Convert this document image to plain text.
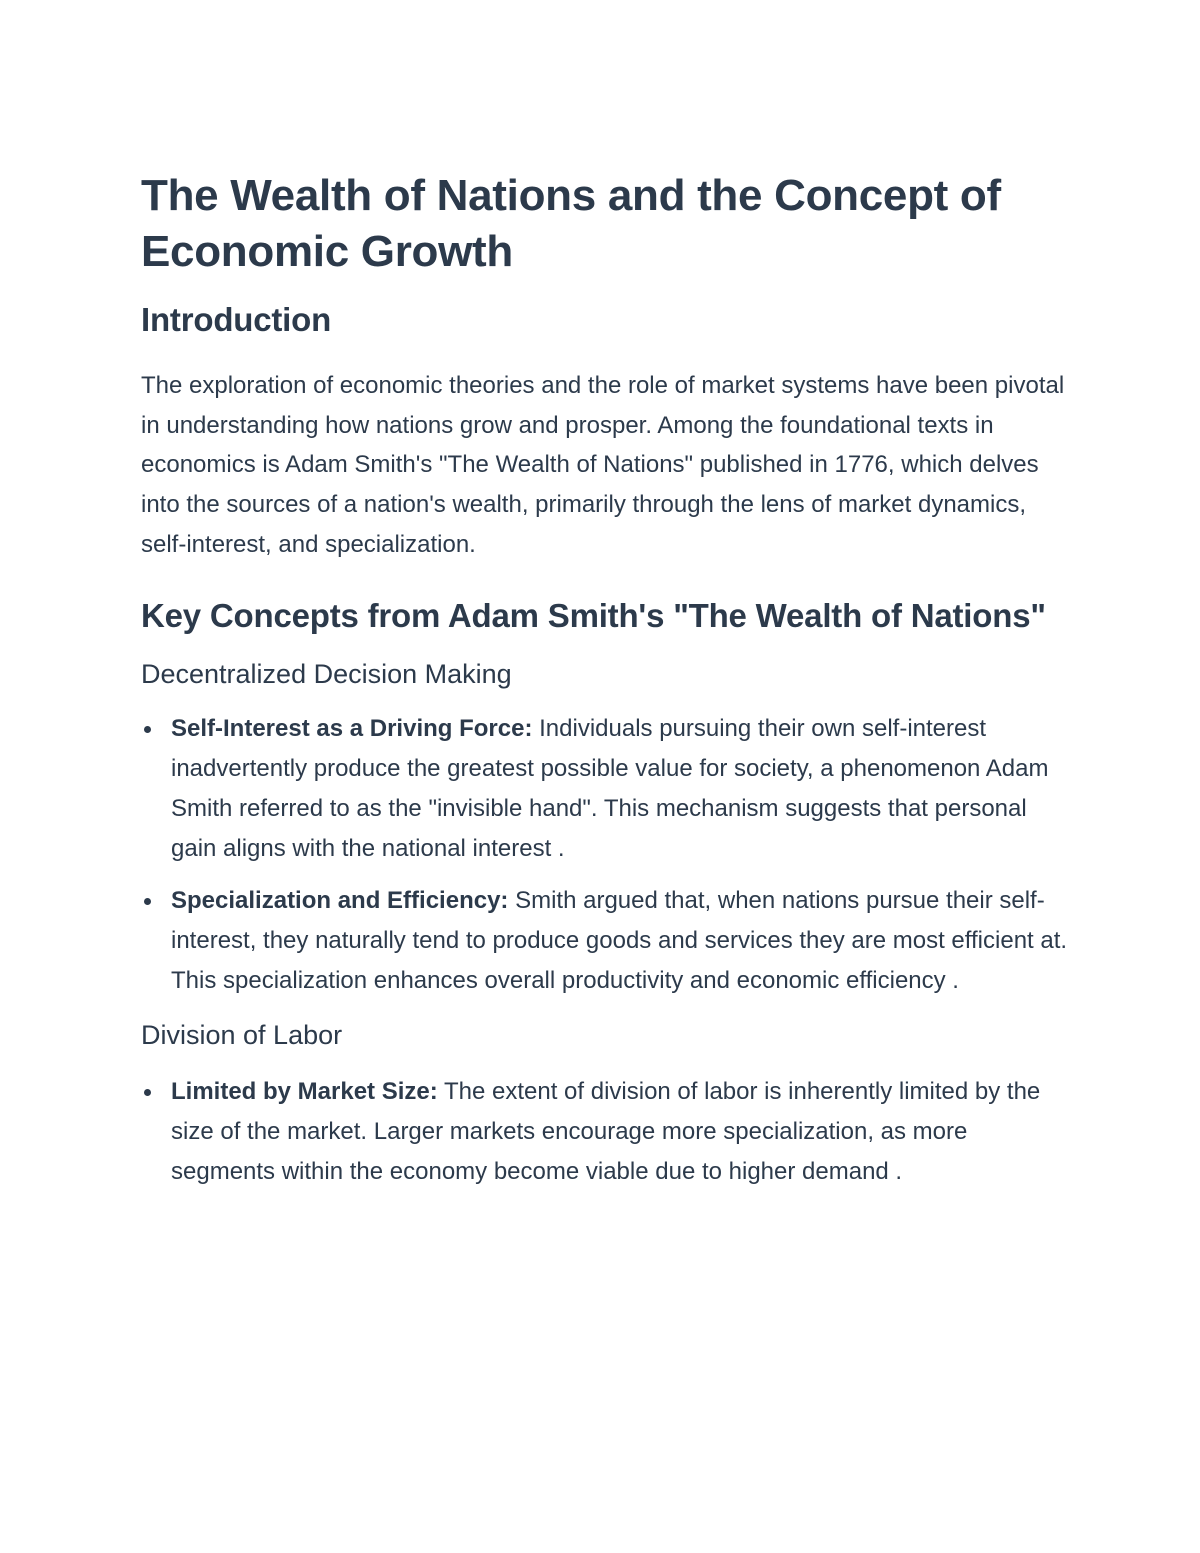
The Wealth of Nations and the Concept of Economic Growth
Introduction

The exploration of economic theories and the role of market systems have been pivotal in understanding how nations grow and prosper. Among the foundational texts in economics is Adam Smith's "The Wealth of Nations" published in 1776, which delves into the sources of a nation's wealth, primarily through the lens of market dynamics, self-interest, and specialization.

Key Concepts from Adam Smith's "The Wealth of Nations"
Decentralized Decision Making
Self-Interest as a Driving Force: Individuals pursuing their own self-interest inadvertently produce the greatest possible value for society, a phenomenon Adam Smith referred to as the "invisible hand". This mechanism suggests that personal gain aligns with the national interest .
Specialization and Efficiency: Smith argued that, when nations pursue their self-interest, they naturally tend to produce goods and services they are most efficient at. This specialization enhances overall productivity and economic efficiency .
Division of Labor
Limited by Market Size: The extent of division of labor is inherently limited by the size of the market. Larger markets encourage more specialization, as more segments within the economy become viable due to higher demand .
